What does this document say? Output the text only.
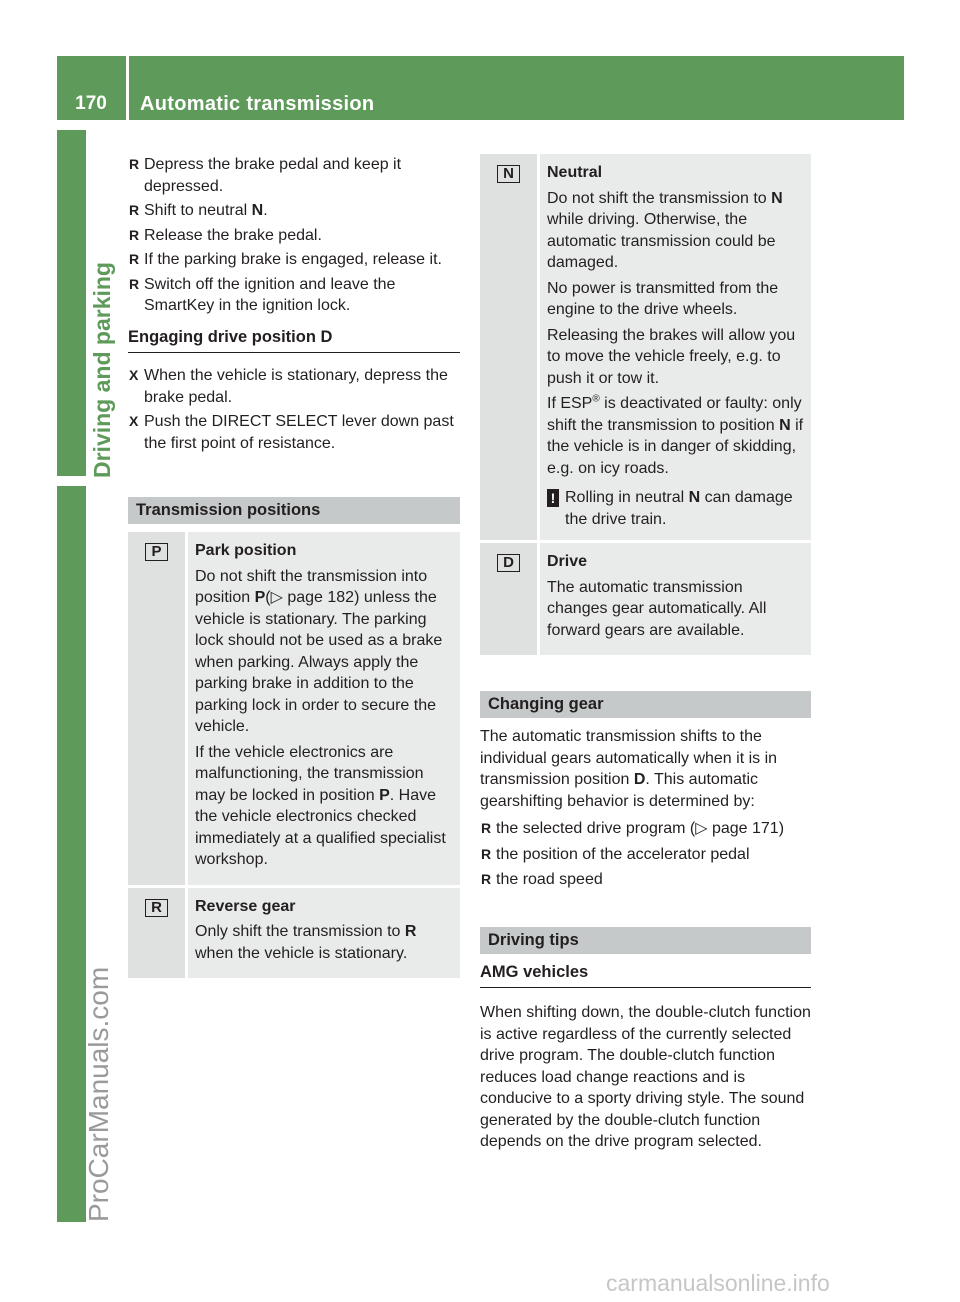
170	Automatic transmission
Driving and parking
ProCarManuals.com
R Depress the brake pedal and keep it depressed.
R Shift to neutral N.
R Release the brake pedal.
R If the parking brake is engaged, release it.
R Switch off the ignition and leave the SmartKey in the ignition lock.
Engaging drive position D
X When the vehicle is stationary, depress the brake pedal.
X Push the DIRECT SELECT lever down past the first point of resistance.
Transmission positions
P	Park position

Do not shift the transmission into position P(▷ page 182) unless the vehicle is stationary. The parking lock should not be used as a brake when parking. Always apply the parking brake in addition to the parking lock in order to secure the vehicle.

If the vehicle electronics are malfunctioning, the transmission may be locked in position P. Have the vehicle electronics checked immediately at a qualified specialist workshop.

R	Reverse gear

Only shift the transmission to R when the vehicle is stationary.

N	Neutral

Do not shift the transmission to N while driving. Otherwise, the automatic transmission could be damaged.

No power is transmitted from the engine to the drive wheels.

Releasing the brakes will allow you to move the vehicle freely, e.g. to push it or tow it.

If ESP® is deactivated or faulty: only shift the transmission to position N if the vehicle is in danger of skidding, e.g. on icy roads.

! Rolling in neutral N can damage the drive train.
D	Drive

The automatic transmission changes gear automatically. All forward gears are available.

Changing gear

The automatic transmission shifts to the individual gears automatically when it is in transmission position D. This automatic gearshifting behavior is determined by:

R the selected drive program (▷ page 171)
R the position of the accelerator pedal
R the road speed
Driving tips
AMG vehicles

When shifting down, the double-clutch function is active regardless of the currently selected drive program. The double-clutch function reduces load change reactions and is conducive to a sporty driving style. The sound generated by the double-clutch function depends on the drive program selected.

carmanualsonline.info
